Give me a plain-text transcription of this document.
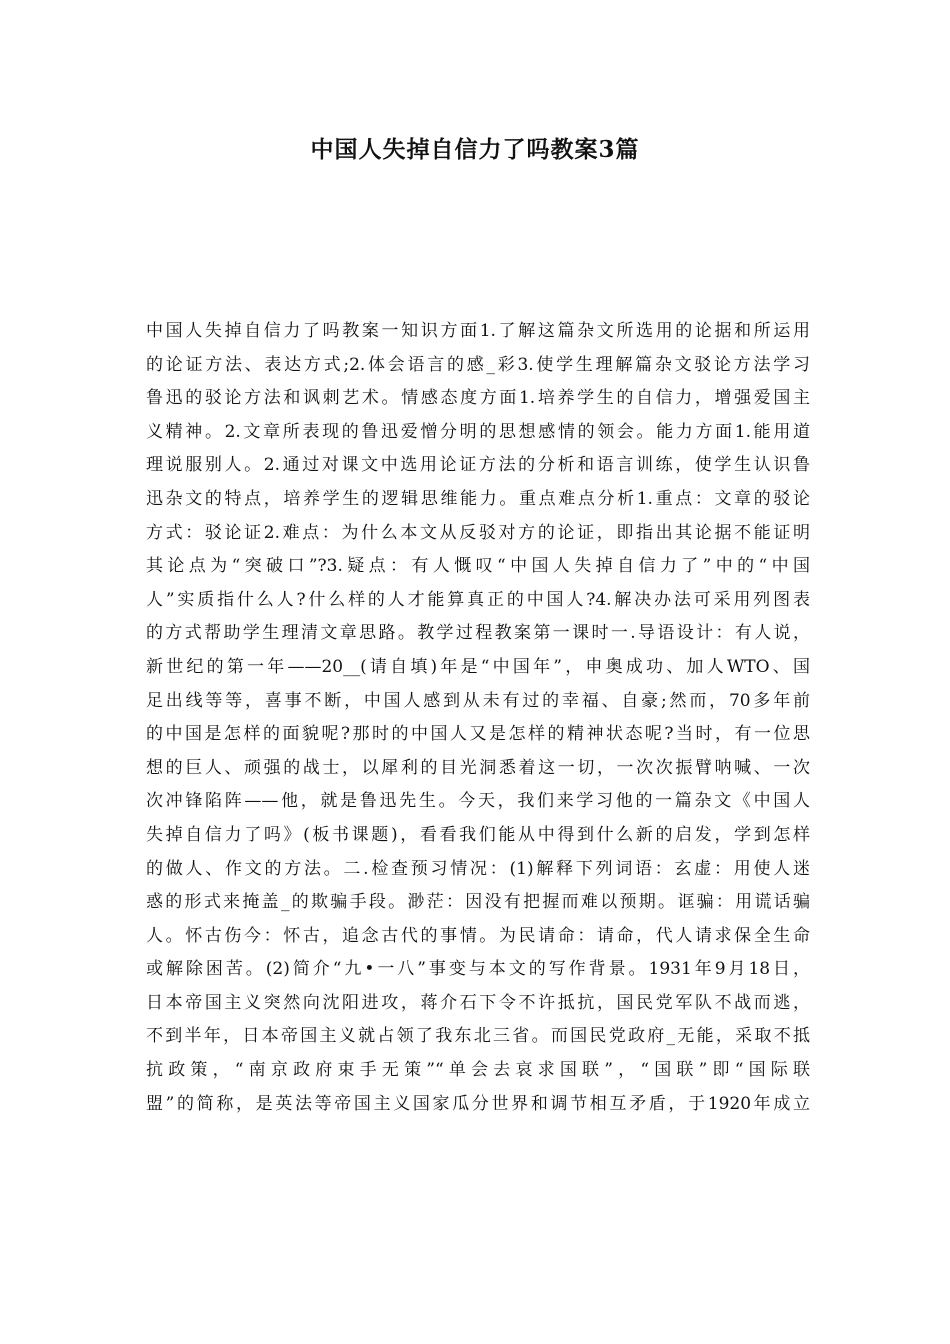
中国人失掉自信力了吗教案3篇
中国人失掉自信力了吗教案一知识方面1.了解这篇杂文所选用的论据和所运用
的论证方法、表达方式;2.体会语言的感_彩3.使学生理解篇杂文驳论方法学习
鲁迅的驳论方法和讽刺艺术。情感态度方面1.培养学生的自信力，增强爱国主
义精神。2.文章所表现的鲁迅爱憎分明的思想感情的领会。能力方面1.能用道
理说服别人。2.通过对课文中选用论证方法的分析和语言训练，使学生认识鲁
迅杂文的特点，培养学生的逻辑思维能力。重点难点分析1.重点：文章的驳论
方式：驳论证2.难点：为什么本文从反驳对方的论证，即指出其论据不能证明
其论点为“突破口”?3.疑点：有人慨叹“中国人失掉自信力了”中的“中国
人”实质指什么人?什么样的人才能算真正的中国人?4.解决办法可采用列图表
的方式帮助学生理清文章思路。教学过程教案第一课时一.导语设计：有人说，
新世纪的第一年——20__(请自填)年是“中国年”，申奥成功、加人WTO、国
足出线等等，喜事不断，中国人感到从未有过的幸福、自豪;然而，70多年前
的中国是怎样的面貌呢?那时的中国人又是怎样的精神状态呢?当时，有一位思
想的巨人、顽强的战士，以犀利的目光洞悉着这一切，一次次振臂呐喊、一次
次冲锋陷阵——他，就是鲁迅先生。今天，我们来学习他的一篇杂文《中国人
失掉自信力了吗》(板书课题)，看看我们能从中得到什么新的启发，学到怎样
的做人、作文的方法。二.检查预习情况：(1)解释下列词语：玄虚：用使人迷
惑的形式来掩盖_的欺骗手段。渺茫：因没有把握而难以预期。诓骗：用谎话骗
人。怀古伤今：怀古，追念古代的事情。为民请命：请命，代人请求保全生命
或解除困苦。(2)简介“九•一八”事变与本文的写作背景。1931年9月18日，
日本帝国主义突然向沈阳进攻，蒋介石下令不许抵抗，国民党军队不战而逃，
不到半年，日本帝国主义就占领了我东北三省。而国民党政府_无能，采取不抵
抗政策，“南京政府束手无策”“单会去哀求国联”，“国联”即“国际联
盟”的简称，是英法等帝国主义国家瓜分世界和调节相互矛盾，于1920年成立
